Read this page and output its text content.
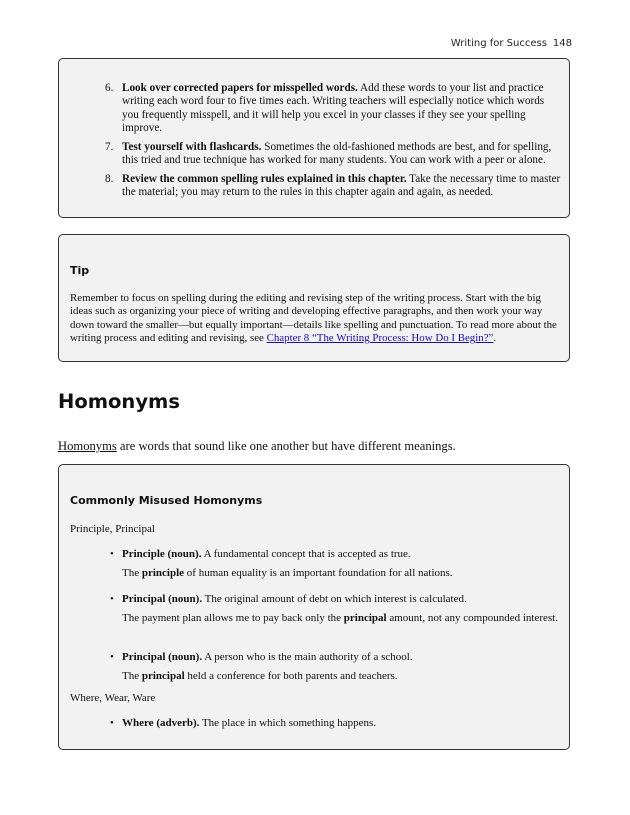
Writing for Success 148
6. Look over corrected papers for misspelled words. Add these words to your list and practice writing each word four to five times each. Writing teachers will especially notice which words you frequently misspell, and it will help you excel in your classes if they see your spelling improve.
7. Test yourself with flashcards. Sometimes the old-fashioned methods are best, and for spelling, this tried and true technique has worked for many students. You can work with a peer or alone.
8. Review the common spelling rules explained in this chapter. Take the necessary time to master the material; you may return to the rules in this chapter again and again, as needed.
Tip
Remember to focus on spelling during the editing and revising step of the writing process. Start with the big ideas such as organizing your piece of writing and developing effective paragraphs, and then work your way down toward the smaller—but equally important—details like spelling and punctuation. To read more about the writing process and editing and revising, see Chapter 8 “The Writing Process: How Do I Begin?”.
Homonyms
Homonyms are words that sound like one another but have different meanings.
Commonly Misused Homonyms
Principle, Principal
• Principle (noun). A fundamental concept that is accepted as true.
The principle of human equality is an important foundation for all nations.
• Principal (noun). The original amount of debt on which interest is calculated.
The payment plan allows me to pay back only the principal amount, not any compounded interest.
• Principal (noun). A person who is the main authority of a school.
The principal held a conference for both parents and teachers.
Where, Wear, Ware
• Where (adverb). The place in which something happens.
